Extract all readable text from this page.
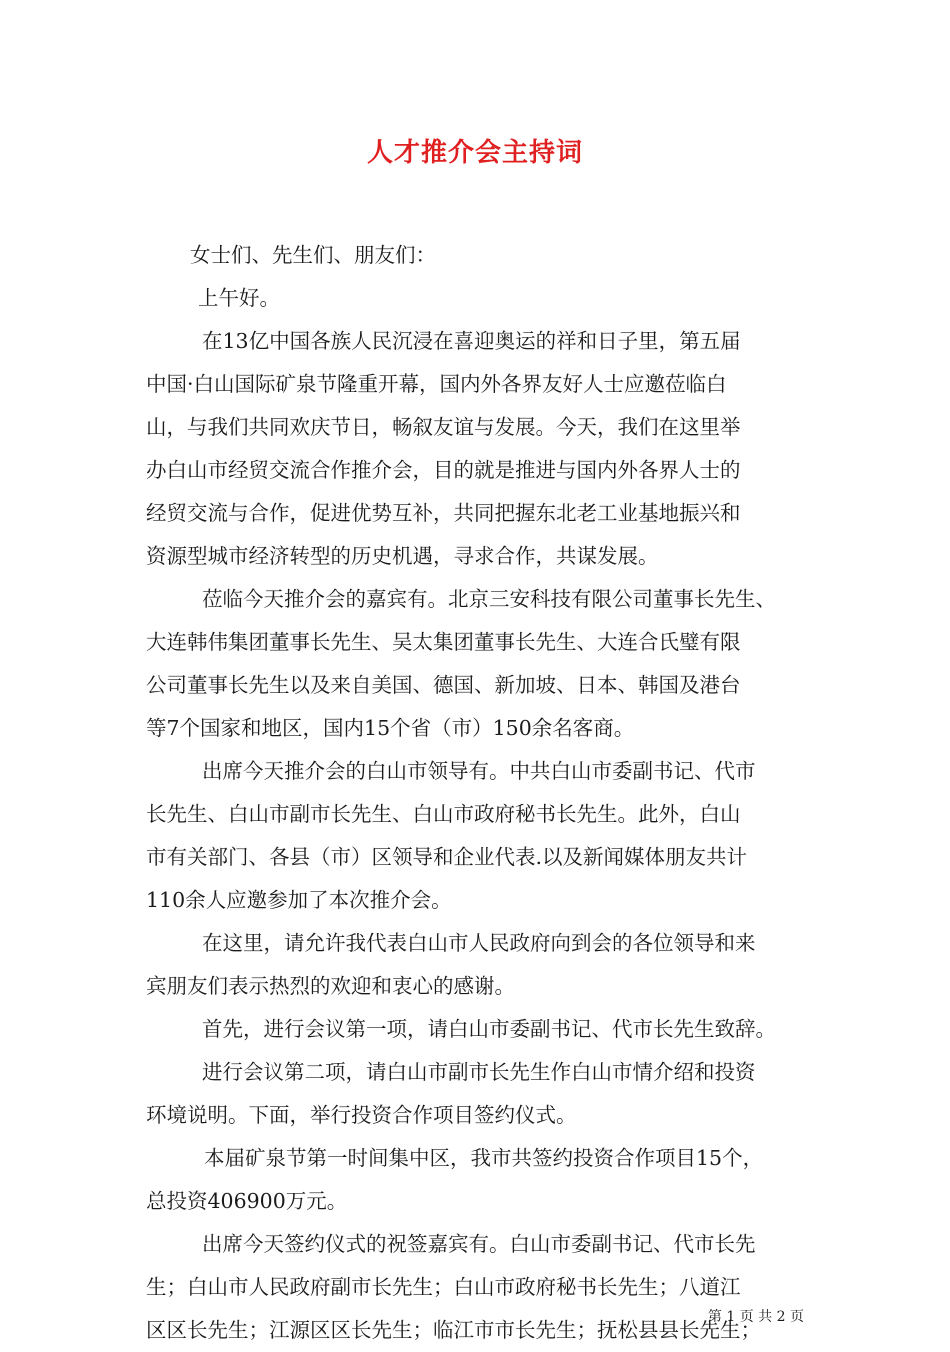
人才推介会主持词
女士们、先生们、朋友们：
上午好。
在13亿中国各族人民沉浸在喜迎奥运的祥和日子里，第五届
中国·白山国际矿泉节隆重开幕，国内外各界友好人士应邀莅临白
山，与我们共同欢庆节日，畅叙友谊与发展。今天，我们在这里举
办白山市经贸交流合作推介会，目的就是推进与国内外各界人士的
经贸交流与合作，促进优势互补，共同把握东北老工业基地振兴和
资源型城市经济转型的历史机遇，寻求合作，共谋发展。
莅临今天推介会的嘉宾有。北京三安科技有限公司董事长先生、
大连韩伟集团董事长先生、吴太集团董事长先生、大连合氏璧有限
公司董事长先生以及来自美国、德国、新加坡、日本、韩国及港台
等7个国家和地区，国内15个省（市）150余名客商。
出席今天推介会的白山市领导有。中共白山市委副书记、代市
长先生、白山市副市长先生、白山市政府秘书长先生。此外，白山
市有关部门、各县（市）区领导和企业代表.以及新闻媒体朋友共计
110余人应邀参加了本次推介会。
在这里，请允许我代表白山市人民政府向到会的各位领导和来
宾朋友们表示热烈的欢迎和衷心的感谢。
首先，进行会议第一项，请白山市委副书记、代市长先生致辞。
进行会议第二项，请白山市副市长先生作白山市情介绍和投资
环境说明。下面，举行投资合作项目签约仪式。
本届矿泉节第一时间集中区，我市共签约投资合作项目15个，
总投资406900万元。
出席今天签约仪式的祝签嘉宾有。白山市委副书记、代市长先
生；白山市人民政府副市长先生；白山市政府秘书长先生；八道江
区区长先生；江源区区长先生；临江市市长先生；抚松县县长先生；
第 1 页 共 2 页
